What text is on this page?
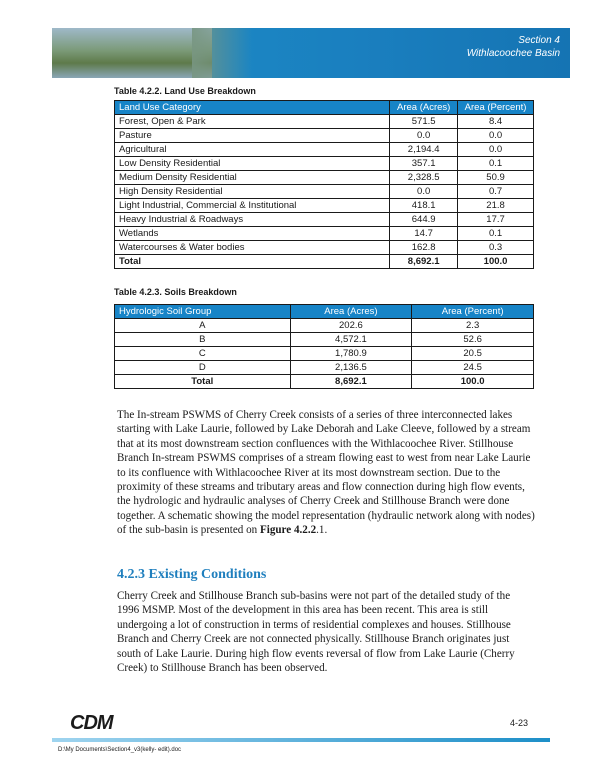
Section 4
Withlacoochee Basin
Table 4.2.2. Land Use Breakdown
Land Use Category	Area (Acres)	Area (Percent)
Forest, Open & Park	571.5	8.4
Pasture	0.0	0.0
Agricultural	2,194.4	0.0
Low Density Residential	357.1	0.1
Medium Density Residential	2,328.5	50.9
High Density Residential	0.0	0.7
Light Industrial, Commercial & Institutional	418.1	21.8
Heavy Industrial & Roadways	644.9	17.7
Wetlands	14.7	0.1
Watercourses & Water bodies	162.8	0.3
Total	8,692.1	100.0
Table 4.2.3. Soils Breakdown
Hydrologic Soil Group	Area (Acres)	Area (Percent)
A	202.6	2.3
B	4,572.1	52.6
C	1,780.9	20.5
D	2,136.5	24.5
Total	8,692.1	100.0

The In-stream PSWMS of Cherry Creek consists of a series of three interconnected lakes starting with Lake Laurie, followed by Lake Deborah and Lake Cleeve, followed by a stream that at its most downstream section confluences with the Withlacoochee River. Stillhouse Branch In-stream PSWMS comprises of a stream flowing east to west from near Lake Laurie to its confluence with Withlacoochee River at its most downstream section. Due to the proximity of these streams and tributary areas and flow connection during high flow events, the hydrologic and hydraulic analyses of Cherry Creek and Stillhouse Branch were done together. A schematic showing the model representation (hydraulic network along with nodes) of the sub-basin is presented on Figure 4.2.2.1.

4.2.3 Existing Conditions

Cherry Creek and Stillhouse Branch sub-basins were not part of the detailed study of the 1996 MSMP. Most of the development in this area has been recent. This area is still undergoing a lot of construction in terms of residential complexes and houses. Stillhouse Branch and Cherry Creek are not connected physically. Stillhouse Branch originates just south of Lake Laurie. During high flow events reversal of flow from Lake Laurie (Cherry Creek) to Stillhouse Branch has been observed.

CDM	4-23
D:\My Documents\Section4_v3(kelly- edit).doc
